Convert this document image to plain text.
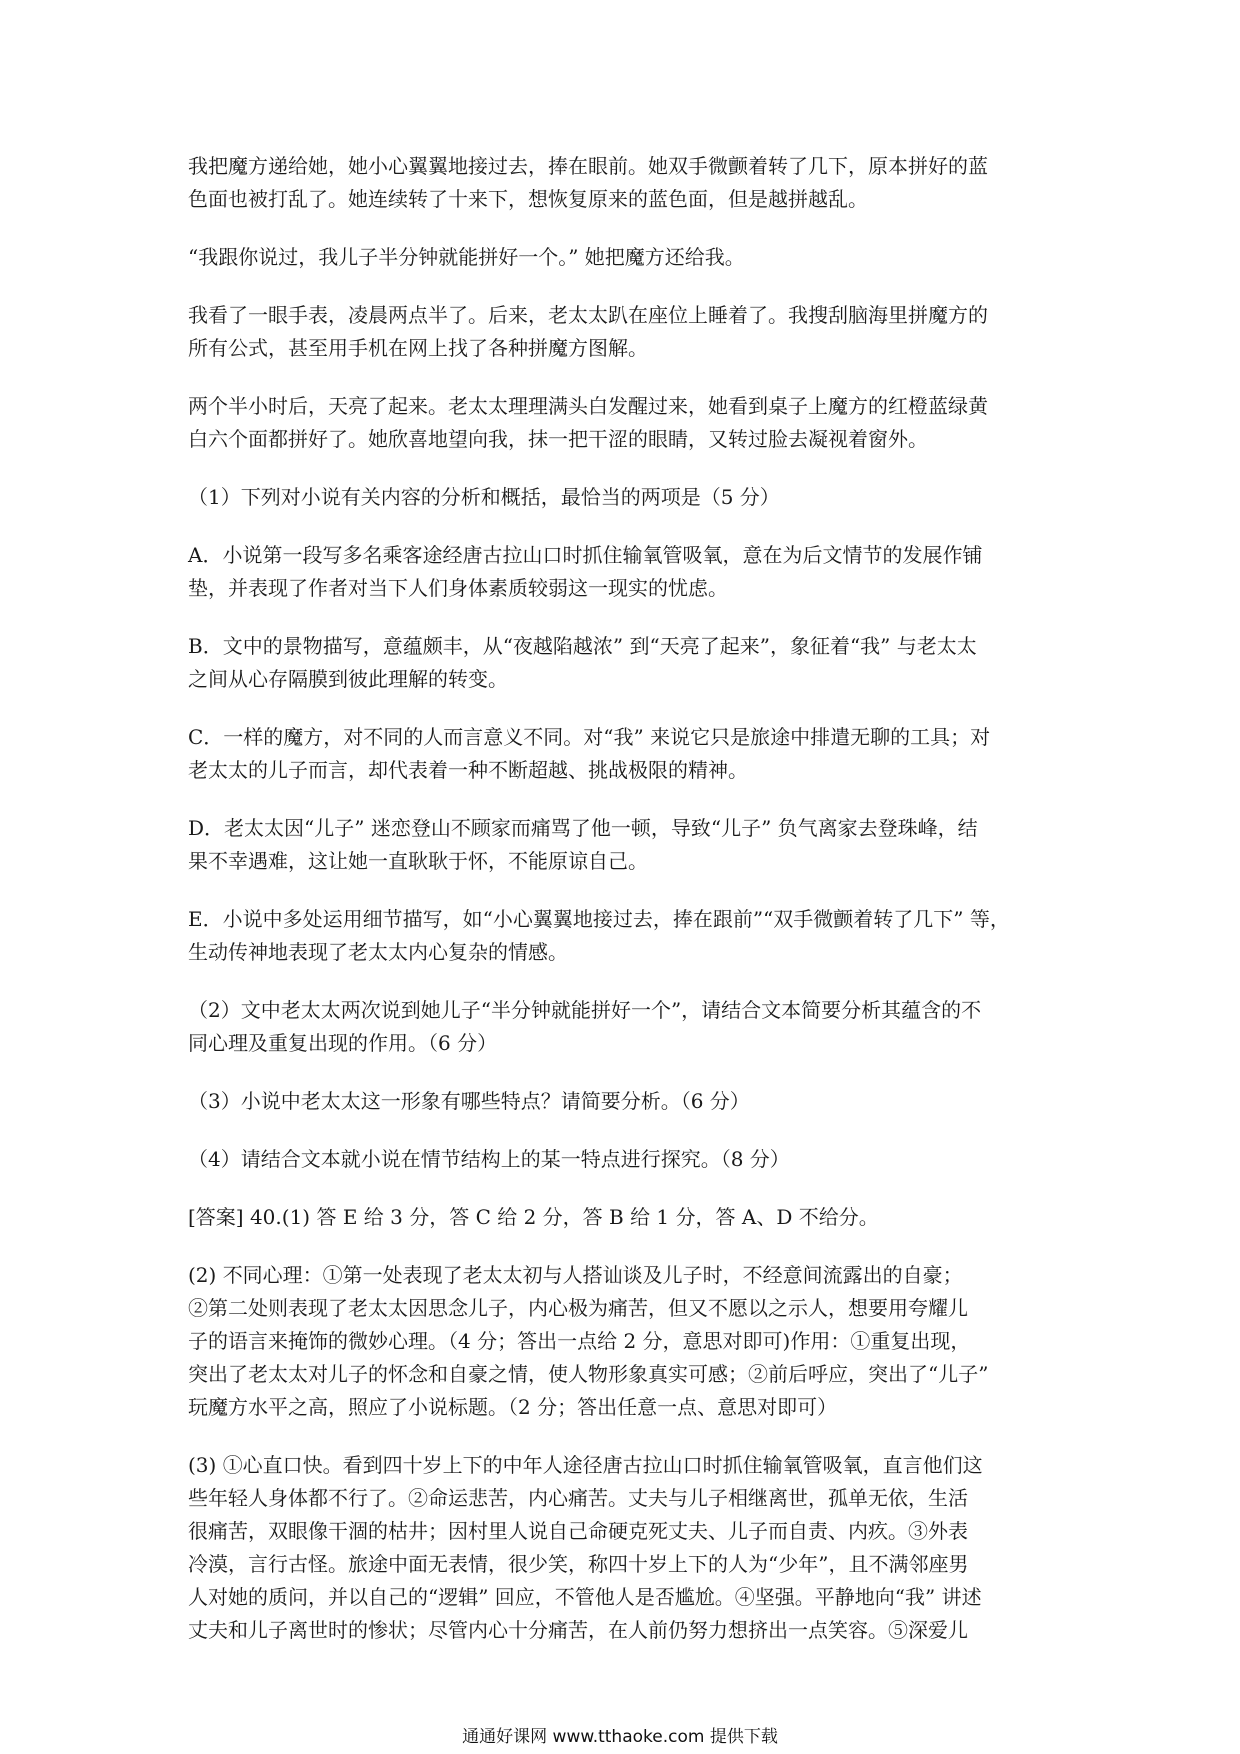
我把魔方递给她，她小心翼翼地接过去，捧在眼前。她双手微颤着转了几下，原本拼好的蓝
色面也被打乱了。她连续转了十来下，想恢复原来的蓝色面，但是越拼越乱。
“我跟你说过，我儿子半分钟就能拼好一个。” 她把魔方还给我。
我看了一眼手表，凌晨两点半了。后来，老太太趴在座位上睡着了。我搜刮脑海里拼魔方的
所有公式，甚至用手机在网上找了各种拼魔方图解。
两个半小时后，天亮了起来。老太太理理满头白发醒过来，她看到桌子上魔方的红橙蓝绿黄
白六个面都拼好了。她欣喜地望向我，抹一把干涩的眼睛，又转过脸去凝视着窗外。
（1）下列对小说有关内容的分析和概括，最恰当的两项是（5 分）
A．小说第一段写多名乘客途经唐古拉山口时抓住输氧管吸氧，意在为后文情节的发展作铺
垫，并表现了作者对当下人们身体素质较弱这一现实的忧虑。
B．文中的景物描写，意蕴颇丰，从“夜越陷越浓” 到“天亮了起来”，象征着“我” 与老太太
之间从心存隔膜到彼此理解的转变。
C．一样的魔方，对不同的人而言意义不同。对“我” 来说它只是旅途中排遣无聊的工具；对
老太太的儿子而言，却代表着一种不断超越、挑战极限的精神。
D．老太太因“儿子” 迷恋登山不顾家而痛骂了他一顿，导致“儿子” 负气离家去登珠峰，结
果不幸遇难，这让她一直耿耿于怀，不能原谅自己。
E．小说中多处运用细节描写，如“小心翼翼地接过去，捧在跟前”“双手微颤着转了几下” 等，
生动传神地表现了老太太内心复杂的情感。
（2）文中老太太两次说到她儿子“半分钟就能拼好一个”，请结合文本简要分析其蕴含的不
同心理及重复出现的作用。（6 分）
（3）小说中老太太这一形象有哪些特点？请简要分析。（6 分）
（4）请结合文本就小说在情节结构上的某一特点进行探究。（8 分）
[答案] 40.(1) 答 E 给 3 分，答 C 给 2 分，答 B 给 1 分，答 A、D 不给分。
(2) 不同心理：①第一处表现了老太太初与人搭讪谈及儿子时，不经意间流露出的自豪；
②第二处则表现了老太太因思念儿子，内心极为痛苦，但又不愿以之示人，想要用夸耀儿
子的语言来掩饰的微妙心理。（4 分；答出一点给 2 分，意思对即可)作用：①重复出现，
突出了老太太对儿子的怀念和自豪之情，使人物形象真实可感；②前后呼应，突出了“儿子”
玩魔方水平之高，照应了小说标题。（2 分；答出任意一点、意思对即可）
(3) ①心直口快。看到四十岁上下的中年人途径唐古拉山口时抓住输氧管吸氧，直言他们这
些年轻人身体都不行了。②命运悲苦，内心痛苦。丈夫与儿子相继离世，孤单无依，生活
很痛苦，双眼像干涸的枯井；因村里人说自己命硬克死丈夫、儿子而自责、内疚。③外表
冷漠，言行古怪。旅途中面无表情，很少笑，称四十岁上下的人为“少年”，且不满邻座男
人对她的质问，并以自己的“逻辑” 回应，不管他人是否尴尬。④坚强。平静地向“我” 讲述
丈夫和儿子离世时的惨状；尽管内心十分痛苦，在人前仍努力想挤出一点笑容。⑤深爱儿
通通好课网 www.tthaoke.com 提供下载
